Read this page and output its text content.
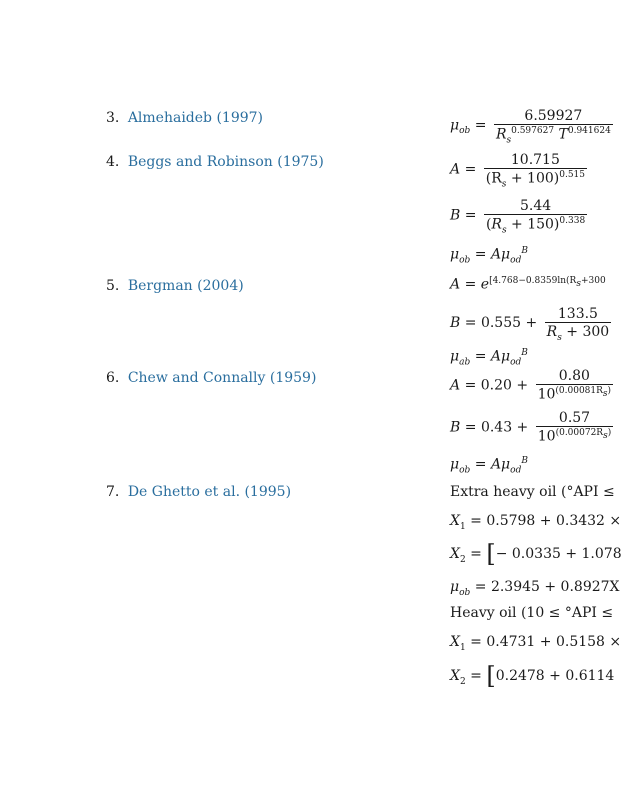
3. Almehaideb (1997)
4. Beggs and Robinson (1975)
5. Bergman (2004)
6. Chew and Connally (1959)
7. De Ghetto et al. (1995)
$\mu_{ob} = \frac{6.59927}{R_s^{0.597627} T^{0.941624}}$
$A = \frac{10.715}{(R_s + 100)^{0.515}}$
$B = \frac{5.44}{(R_s + 150)^{0.338}}$
$\mu_{ob} = A\mu_{od}^B$
$A = e^{[4.768-0.8359ln(R_s+300}$
$B = 0.555 + \frac{133.5}{R_s + 300}$
$\mu_{ab} = A\mu_{od}^B$
$A = 0.20 + \frac{0.80}{10^{(0.00081R_s)}}$
$B = 0.43 + \frac{0.57}{10^{(0.00072R_s)}}$
$\mu_{ob} = A\mu_{od}^B$
Extra heavy oil (°API ≤
$X_1 = 0.5798 + 0.3432$ ×
$X_2$ = [− 0.0335 + 1.078
$\mu_{ob} = 2.3945 + 0.8927X$
Heavy oil (10 ≤ °API ≤
$X_1 = 0.4731 + 0.5158$ ×
$X_2 = [0.2478 + 0.6114$
